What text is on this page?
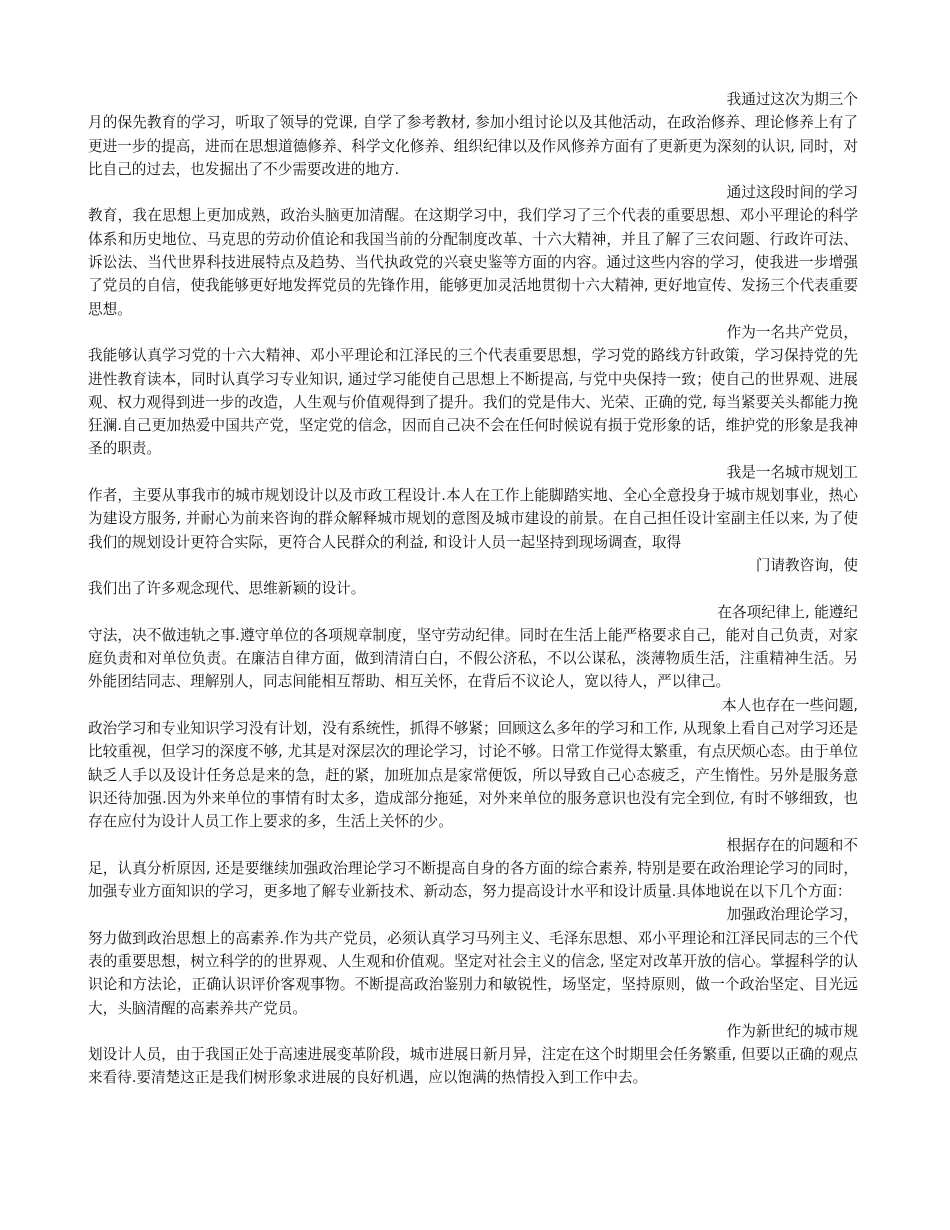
我通过这次为期三个

月的保先教育的学习，听取了领导的党课, 自学了参考教材, 参加小组讨论以及其他活动，在政治修养、理论修养上有了更进一步的提高，进而在思想道德修养、科学文化修养、组织纪律以及作风修养方面有了更新更为深刻的认识, 同时，对比自己的过去，也发掘出了不少需要改进的地方.

通过这段时间的学习

教育，我在思想上更加成熟，政治头脑更加清醒。在这期学习中，我们学习了三个代表的重要思想、邓小平理论的科学体系和历史地位、马克思的劳动价值论和我国当前的分配制度改革、十六大精神，并且了解了三农问题、行政许可法、诉讼法、当代世界科技进展特点及趋势、当代执政党的兴衰史鉴等方面的内容。通过这些内容的学习，使我进一步增强了党员的自信，使我能够更好地发挥党员的先锋作用，能够更加灵活地贯彻十六大精神, 更好地宣传、发扬三个代表重要思想。

作为一名共产党员，

我能够认真学习党的十六大精神、邓小平理论和江泽民的三个代表重要思想，学习党的路线方针政策，学习保持党的先进性教育读本，同时认真学习专业知识, 通过学习能使自己思想上不断提高, 与党中央保持一致；使自己的世界观、进展观、权力观得到进一步的改造，人生观与价值观得到了提升。我们的党是伟大、光荣、正确的党, 每当紧要关头都能力挽狂澜.自己更加热爱中国共产党，坚定党的信念，因而自己决不会在任何时候说有损于党形象的话，维护党的形象是我神圣的职责。

我是一名城市规划工

作者，主要从事我市的城市规划设计以及市政工程设计.本人在工作上能脚踏实地、全心全意投身于城市规划事业，热心为建设方服务, 并耐心为前来咨询的群众解释城市规划的意图及城市建设的前景。在自己担任设计室副主任以来, 为了使我们的规划设计更符合实际，更符合人民群众的利益, 和设计人员一起坚持到现场调查，取得

门请教咨询，使

我们出了许多观念现代、思维新颖的设计。

在各项纪律上, 能遵纪

守法，决不做违轨之事.遵守单位的各项规章制度，坚守劳动纪律。同时在生活上能严格要求自己，能对自己负责，对家庭负责和对单位负责。在廉洁自律方面，做到清清白白，不假公济私，不以公谋私，淡薄物质生活，注重精神生活。另外能团结同志、理解别人，同志间能相互帮助、相互关怀，在背后不议论人，宽以待人，严以律己。

本人也存在一些问题,

政治学习和专业知识学习没有计划，没有系统性，抓得不够紧；回顾这么多年的学习和工作, 从现象上看自己对学习还是比较重视，但学习的深度不够, 尤其是对深层次的理论学习，讨论不够。日常工作觉得太繁重，有点厌烦心态。由于单位缺乏人手以及设计任务总是来的急，赶的紧，加班加点是家常便饭，所以导致自己心态疲乏，产生惰性。另外是服务意识还待加强.因为外来单位的事情有时太多，造成部分拖延，对外来单位的服务意识也没有完全到位, 有时不够细致，也存在应付为设计人员工作上要求的多，生活上关怀的少。

根据存在的问题和不

足，认真分析原因, 还是要继续加强政治理论学习不断提高自身的各方面的综合素养, 特别是要在政治理论学习的同时，加强专业方面知识的学习，更多地了解专业新技术、新动态，努力提高设计水平和设计质量.具体地说在以下几个方面：

加强政治理论学习，

努力做到政治思想上的高素养.作为共产党员，必须认真学习马列主义、毛泽东思想、邓小平理论和江泽民同志的三个代表的重要思想，树立科学的的世界观、人生观和价值观。坚定对社会主义的信念, 坚定对改革开放的信心。掌握科学的认识论和方法论，正确认识评价客观事物。不断提高政治鉴别力和敏锐性，场坚定，坚持原则，做一个政治坚定、目光远大，头脑清醒的高素养共产党员。

作为新世纪的城市规

划设计人员，由于我国正处于高速进展变革阶段，城市进展日新月异，注定在这个时期里会任务繁重, 但要以正确的观点来看待.要清楚这正是我们树形象求进展的良好机遇，应以饱满的热情投入到工作中去。
